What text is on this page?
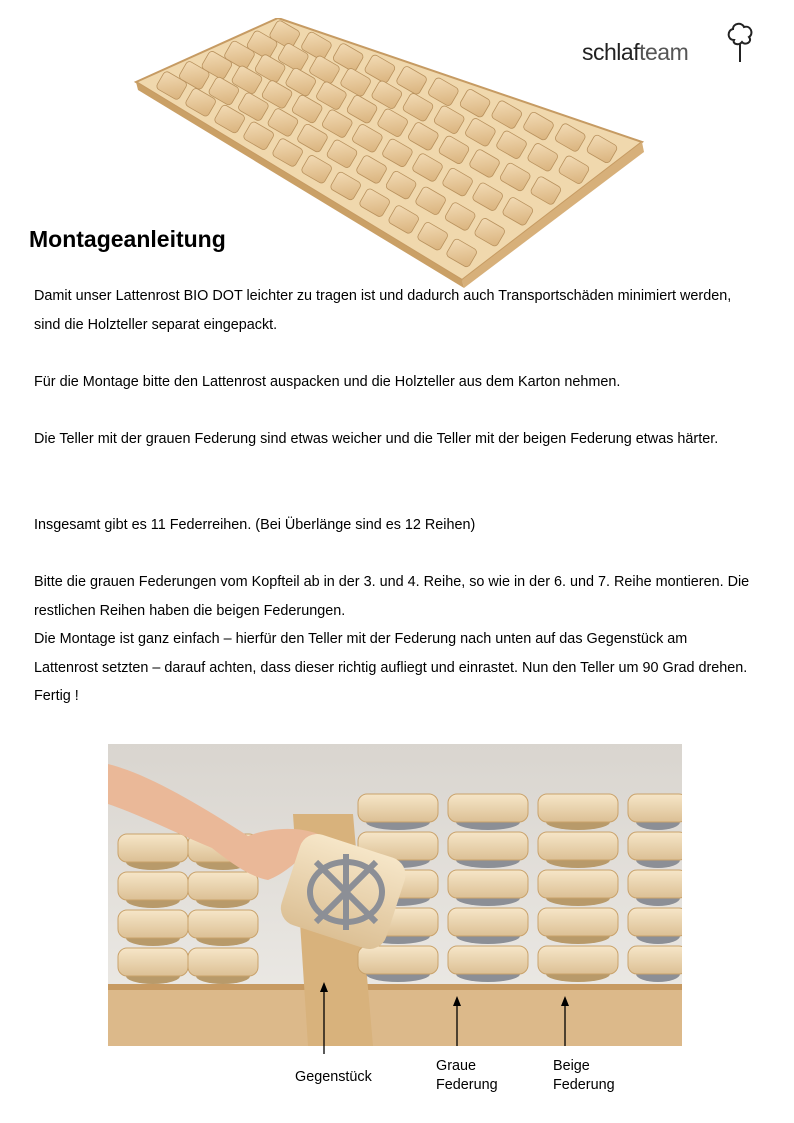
schlafteam
Montageanleitung

Damit unser Lattenrost BIO DOT leichter zu tragen ist und dadurch auch Transportschäden minimiert werden, sind die Holzteller separat eingepackt.

Für die Montage bitte den Lattenrost auspacken und die Holzteller aus dem Karton nehmen.

Die Teller mit der grauen Federung sind etwas weicher und die Teller mit der beigen Federung etwas härter.

Insgesamt gibt es 11 Federreihen. (Bei Überlänge sind es 12 Reihen)

Bitte die grauen Federungen vom Kopfteil ab in der 3. und 4. Reihe, so wie in der 6. und 7. Reihe montieren. Die restlichen Reihen haben die beigen Federungen.
Die Montage ist ganz einfach – hierfür den Teller mit der Federung nach unten auf das Gegenstück am Lattenrost setzten – darauf achten, dass dieser richtig aufliegt und einrastet. Nun den Teller um 90 Grad drehen. Fertig !
Gegenstück
Graue
Federung
Beige
Federung
